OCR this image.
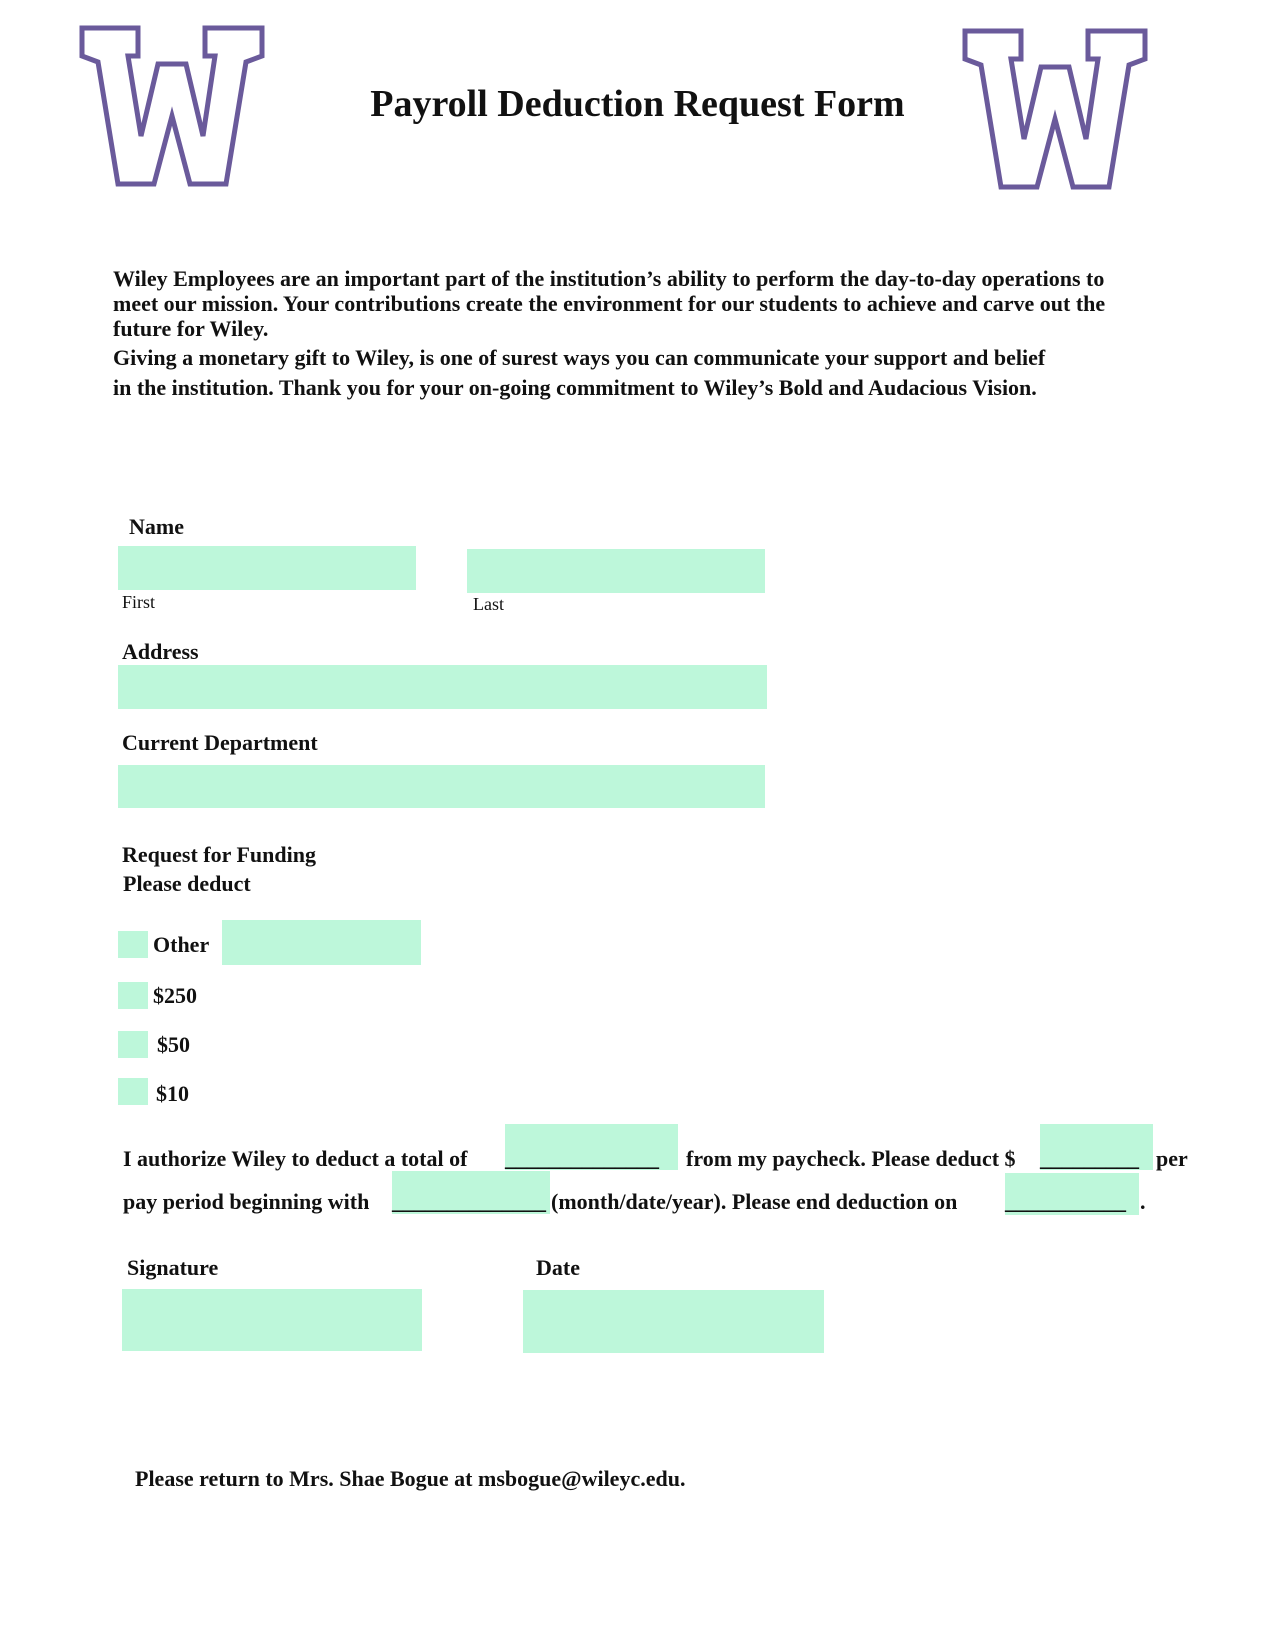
Payroll Deduction Request Form
Wiley Employees are an important part of the institution’s ability to perform the day-to-day operations to meet our mission. Your contributions create the environment for our students to achieve and carve out the future for Wiley.
Giving a monetary gift to Wiley, is one of surest ways you can communicate your support and belief in the institution. Thank you for your on-going commitment to Wiley’s Bold and Audacious Vision.
Name
First	Last
Address
Current Department
Request for Funding
Please deduct
Other
$250
$50
$10
I authorize Wiley to deduct a total of ______________ from my paycheck. Please deduct $ _________ per
pay period beginning with ______________ (month/date/year). Please end deduction on ___________ .
Signature	Date
Please return to Mrs. Shae Bogue at msbogue@wileyc.edu.
